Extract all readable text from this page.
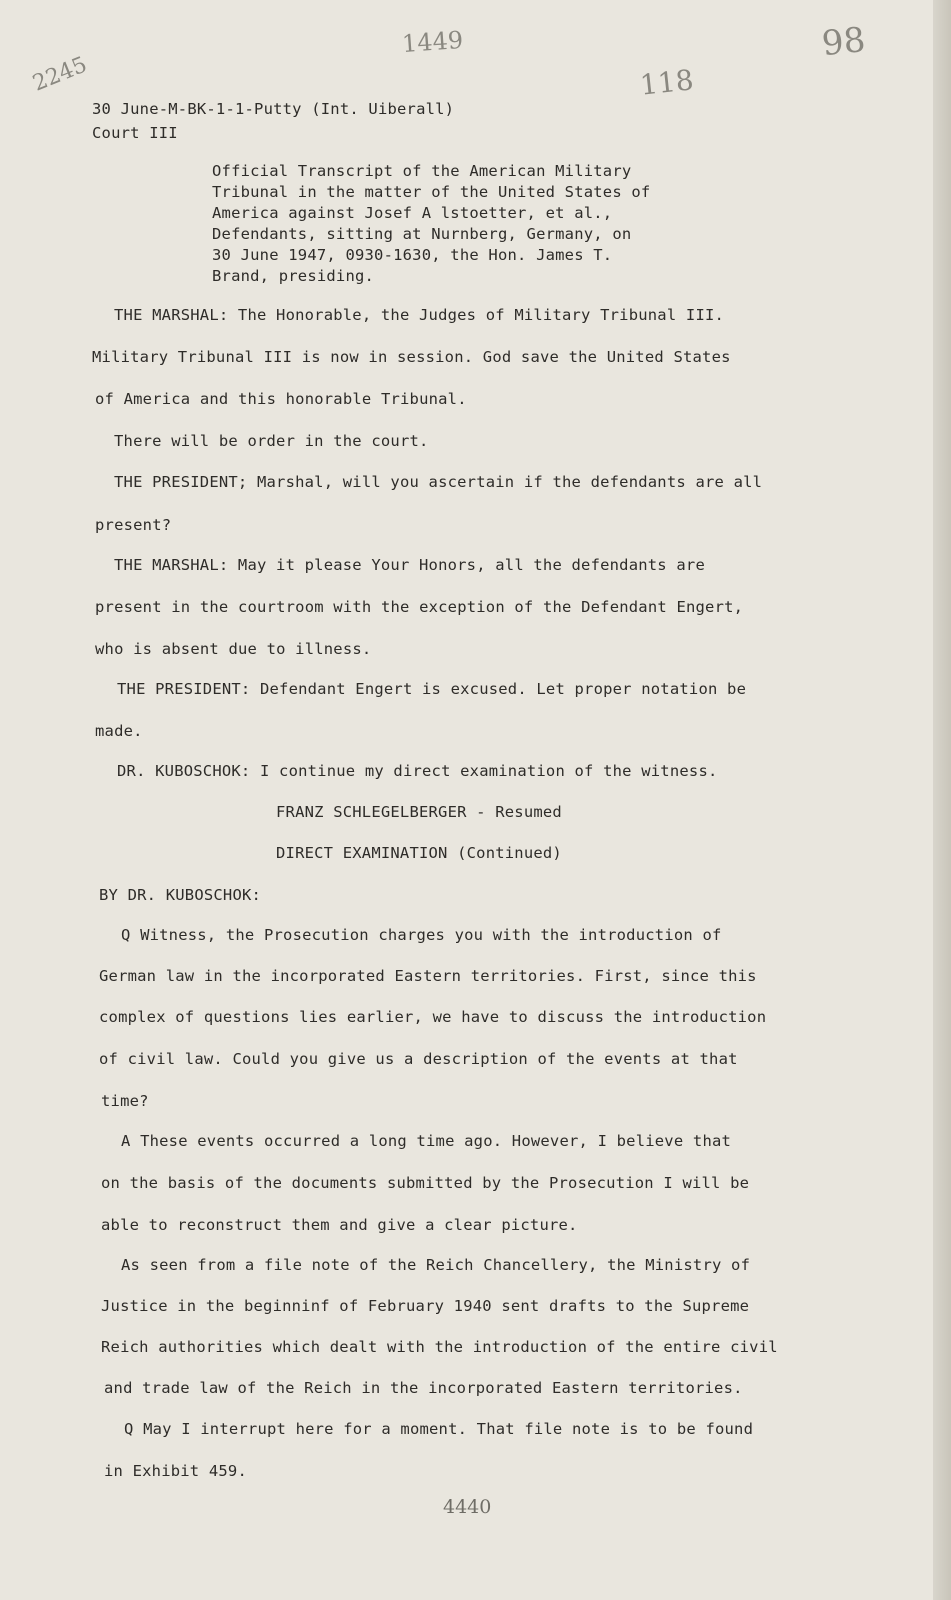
2245

1449

118

98

30 June-M-BK-1-1-Putty (Int. Uiberall)

Court III

Official Transcript of the American Military

Tribunal in the matter of the United States of

America against Josef A lstoetter, et al.,

Defendants, sitting at Nurnberg, Germany, on

30 June 1947, 0930-1630, the Hon. James T.

Brand, presiding.

THE MARSHAL: The Honorable, the Judges of Military Tribunal III.

Military Tribunal III is now in session. God save the United States

of America and this honorable Tribunal.

There will be order in the court.

THE PRESIDENT; Marshal, will you ascertain if the defendants are all

present?

THE MARSHAL: May it please Your Honors, all the defendants are

present in the courtroom with the exception of the Defendant Engert,

who is absent due to illness.

THE PRESIDENT: Defendant Engert is excused. Let proper notation be

made.

DR. KUBOSCHOK: I continue my direct examination of the witness.

FRANZ SCHLEGELBERGER - Resumed

DIRECT EXAMINATION (Continued)

BY DR. KUBOSCHOK:

Q Witness, the Prosecution charges you with the introduction of

German law in the incorporated Eastern territories. First, since this

complex of questions lies earlier, we have to discuss the introduction

of civil law. Could you give us a description of the events at that

time?

A These events occurred a long time ago. However, I believe that

on the basis of the documents submitted by the Prosecution I will be

able to reconstruct them and give a clear picture.

As seen from a file note of the Reich Chancellery, the Ministry of

Justice in the beginninf of February 1940 sent drafts to the Supreme

Reich authorities which dealt with the introduction of the entire civil

and trade law of the Reich in the incorporated Eastern territories.

Q May I interrupt here for a moment. That file note is to be found

in Exhibit 459.

4440
